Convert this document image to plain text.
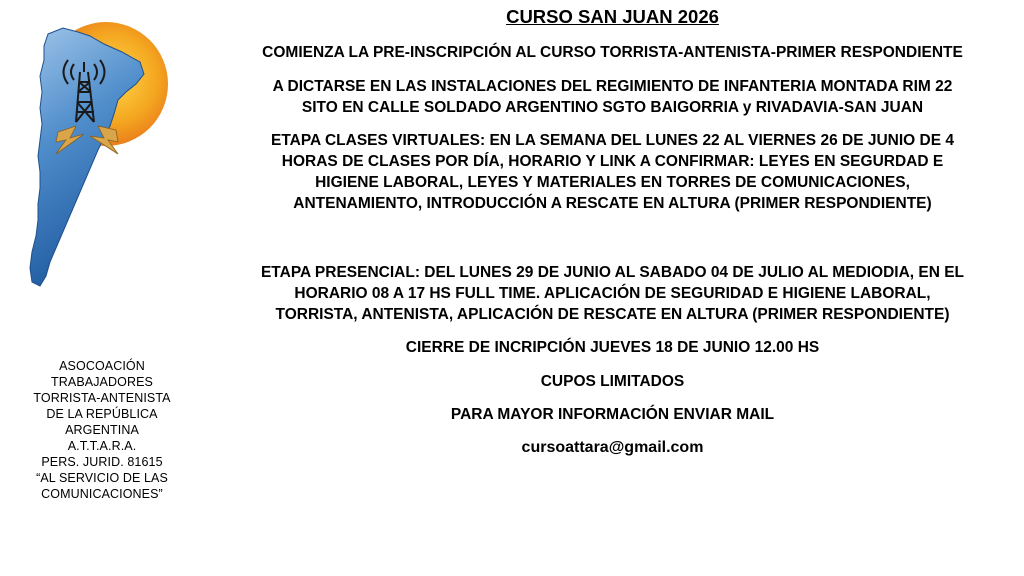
ASOCOACIÓN
TRABAJADORES
TORRISTA-ANTENISTA
DE LA REPÚBLICA
ARGENTINA
A.T.T.A.R.A.
PERS. JURID. 81615
“AL SERVICIO DE LAS
COMUNICACIONES”

CURSO SAN JUAN 2026

COMIENZA LA PRE-INSCRIPCIÓN AL CURSO TORRISTA-ANTENISTA-PRIMER RESPONDIENTE

A DICTARSE EN LAS INSTALACIONES DEL REGIMIENTO DE INFANTERIA MONTADA RIM 22
SITO EN CALLE SOLDADO ARGENTINO SGTO BAIGORRIA y RIVADAVIA-SAN JUAN

ETAPA CLASES VIRTUALES: EN LA SEMANA DEL LUNES 22 AL VIERNES 26 DE JUNIO DE 4
HORAS DE CLASES POR DÍA, HORARIO Y LINK A CONFIRMAR: LEYES EN SEGURDAD E
HIGIENE LABORAL, LEYES Y MATERIALES EN TORRES DE COMUNICACIONES,
ANTENAMIENTO, INTRODUCCIÓN A RESCATE EN ALTURA (PRIMER RESPONDIENTE)

ETAPA PRESENCIAL: DEL LUNES 29 DE JUNIO AL SABADO 04 DE JULIO AL MEDIODIA, EN EL
HORARIO 08 A 17 HS FULL TIME. APLICACIÓN DE SEGURIDAD E HIGIENE LABORAL,
TORRISTA, ANTENISTA, APLICACIÓN DE RESCATE EN ALTURA (PRIMER RESPONDIENTE)

CIERRE DE INCRIPCIÓN JUEVES 18 DE JUNIO 12.00 HS

CUPOS LIMITADOS

PARA MAYOR INFORMACIÓN ENVIAR MAIL

cursoattara@gmail.com
